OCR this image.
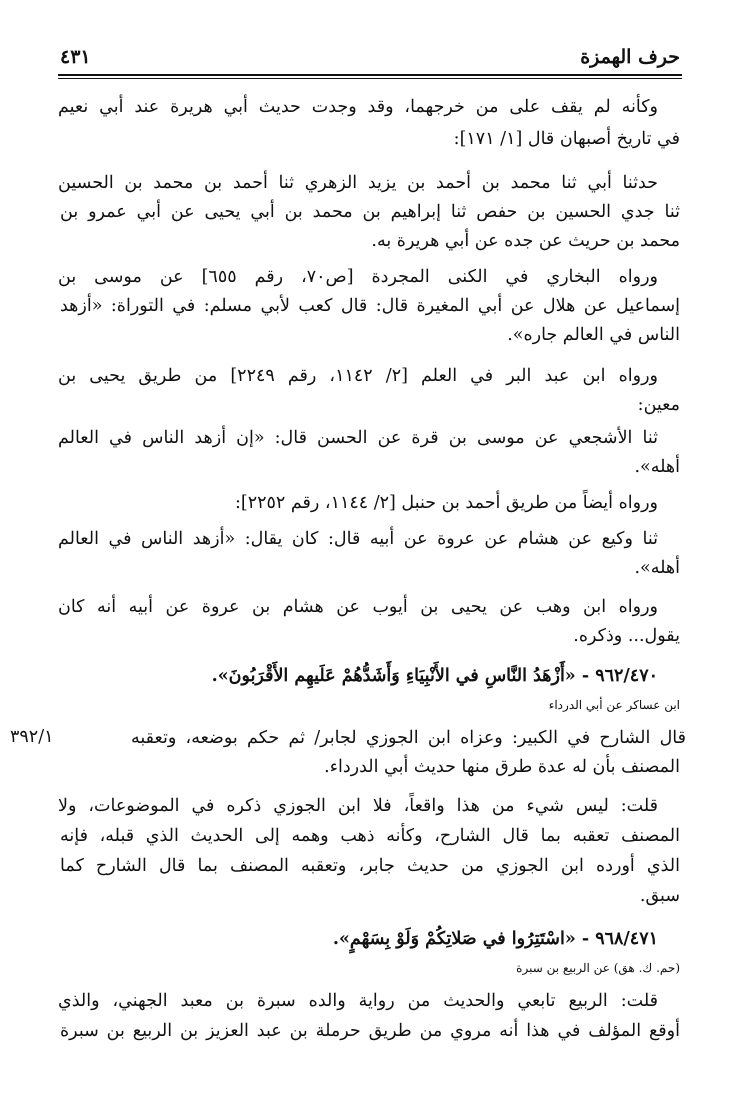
حرف الهمزة
٤٣١
وكأنه لم يقف على من خرجهما، وقد وجدت حديث أبي هريرة عند أبي نعيم
في تاريخ أصبهان قال [١/ ١٧١]:
حدثنا أبي ثنا محمد بن أحمد بن يزيد الزهري ثنا أحمد بن محمد بن الحسين
ثنا جدي الحسين بن حفص ثنا إبراهيم بن محمد بن أبي يحيى عن أبي عمرو بن
محمد بن حريث عن جده عن أبي هريرة به.
ورواه البخاري في الكنى المجردة [ص٧٠، رقم ٦٥٥] عن موسى بن
إسماعيل عن هلال عن أبي المغيرة قال: قال كعب لأبي مسلم: في التوراة: «أزهد
الناس في العالم جاره».
ورواه ابن عبد البر في العلم [٢/ ١١٤٢، رقم ٢٢٤٩] من طريق يحيى بن
معين:
ثنا الأشجعي عن موسى بن قرة عن الحسن قال: «إن أزهد الناس في العالم
أهله».
ورواه أيضاً من طريق أحمد بن حنبل [٢/ ١١٤٤، رقم ٢٢٥٢]:
ثنا وكيع عن هشام عن عروة عن أبيه قال: كان يقال: «أزهد الناس في العالم
أهله».
ورواه ابن وهب عن يحيى بن أيوب عن هشام بن عروة عن أبيه أنه كان
يقول... وذكره.
٩٦٢/٤٧٠ - «أَزْهَدُ النَّاسِ في الأَنْبِيَاءِ وَأَشَدُّهُمْ عَلَيهِم الأَقْرَبُونَ».
ابن عساكر عن أبي الدرداء
قال الشارح في الكبير: وعزاه ابن الجوزي لجابر/ ثم حكم بوضعه، وتعقبه
٣٩٢/١
المصنف بأن له عدة طرق منها حديث أبي الدرداء.
قلت: ليس شيء من هذا واقعاً، فلا ابن الجوزي ذكره في الموضوعات، ولا
المصنف تعقبه بما قال الشارح، وكأنه ذهب وهمه إلى الحديث الذي قبله، فإنه
الذي أورده ابن الجوزي من حديث جابر، وتعقبه المصنف بما قال الشارح كما
سبق.
٩٦٨/٤٧١ - «اسْتَتِرُوا في صَلاتِكُمْ وَلَوْ بِسَهْمٍ».
(حم. ك. هق) عن الربيع بن سبرة
قلت: الربيع تابعي والحديث من رواية والده سبرة بن معبد الجهني، والذي
أوقع المؤلف في هذا أنه مروي من طريق حرملة بن عبد العزيز بن الربيع بن سبرة
